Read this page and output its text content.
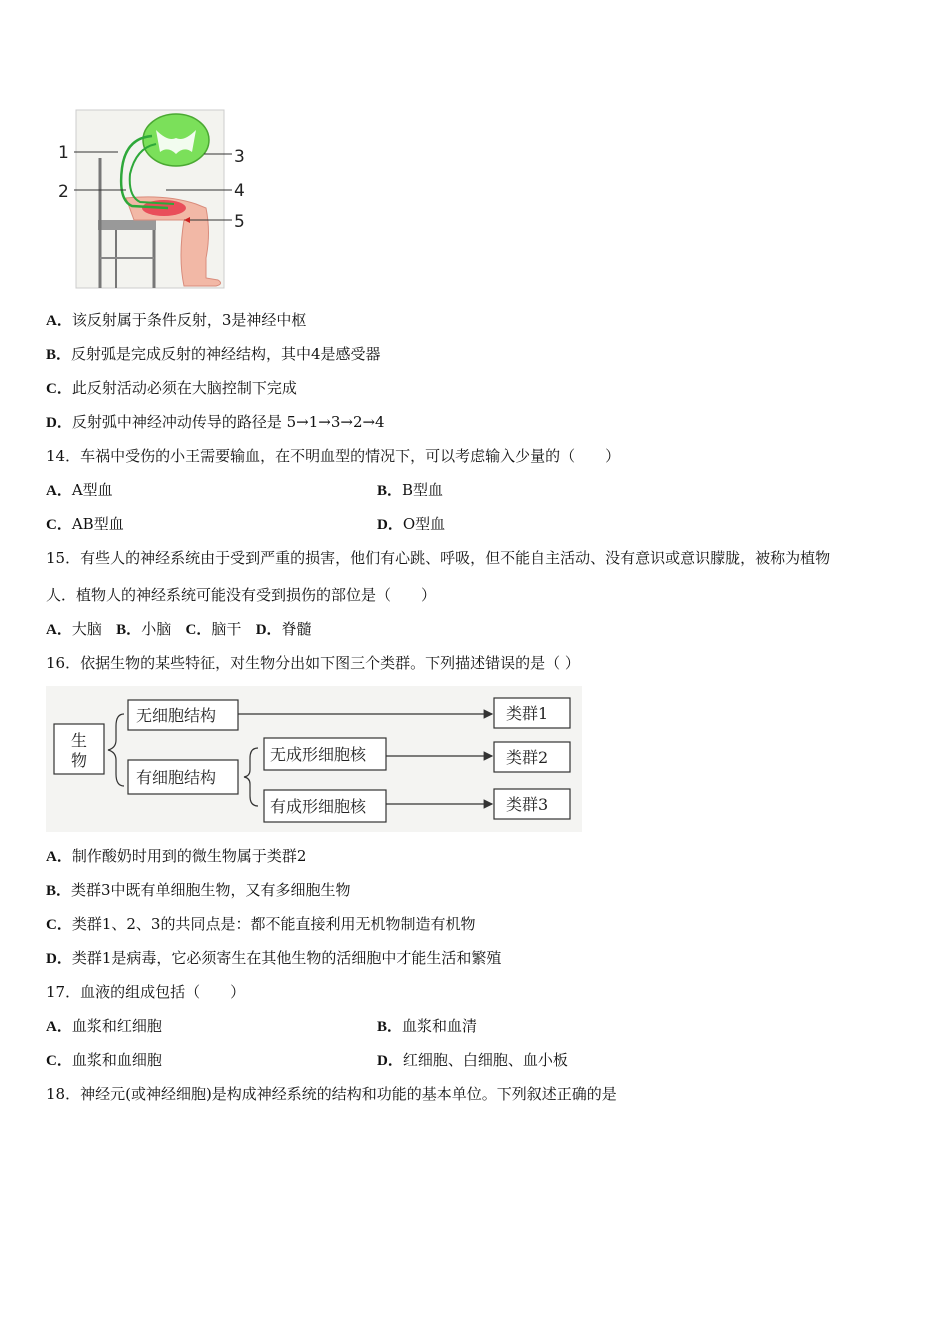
1
2
3
4
5
A．该反射属于条件反射，3是神经中枢
B．反射弧是完成反射的神经结构，其中4是感受器
C．此反射活动必须在大脑控制下完成
D．反射弧中神经冲动传导的路径是 5→1→3→2→4
14．车祸中受伤的小王需要输血，在不明血型的情况下，可以考虑输入少量的（　　）
A．A型血	B．B型血
C．AB型血	D．O型血
15．有些人的神经系统由于受到严重的损害，他们有心跳、呼吸，但不能自主活动、没有意识或意识朦胧，被称为植物
人．植物人的神经系统可能没有受到损伤的部位是（　　）
A．大脑 B．小脑 C．脑干 D．脊髓
16．依据生物的某些特征，对生物分出如下图三个类群。下列描述错误的是（ ）
生物
无细胞结构
有细胞结构
无成形细胞核
有成形细胞核
类群1
类群2
类群3
A．制作酸奶时用到的微生物属于类群2
B．类群3中既有单细胞生物，又有多细胞生物
C．类群1、2、3的共同点是：都不能直接利用无机物制造有机物
D．类群1是病毒，它必须寄生在其他生物的活细胞中才能生活和繁殖
17．血液的组成包括（　　）
A．血浆和红细胞	B．血浆和血清
C．血浆和血细胞	D．红细胞、白细胞、血小板
18．神经元(或神经细胞)是构成神经系统的结构和功能的基本单位。下列叙述正确的是
